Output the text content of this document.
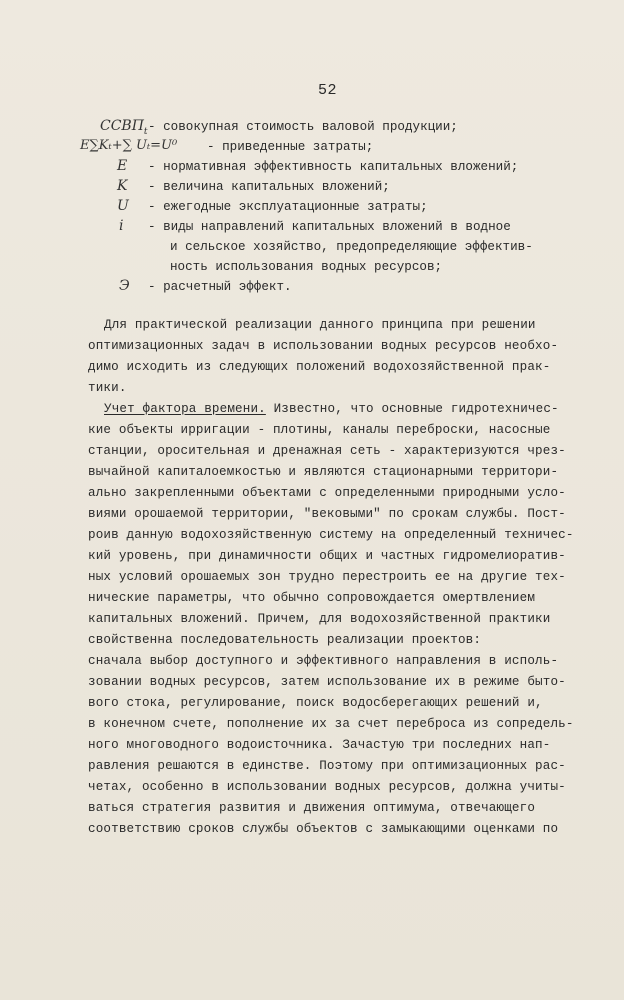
52
$ССВП_t$ - совокупная стоимость валовой продукции;
E∑Kₜ+∑ Uₜ=U⁰ - приведенные затраты;
E - нормативная эффективность капитальных вложений;
K - величина капитальных вложений;
U - ежегодные эксплуатационные затраты;
i - виды направлений капитальных вложений в водное
и сельское хозяйство, предопределяющие эффектив-
ность использования водных ресурсов;
Э - расчетный эффект.
Для практической реализации данного принципа при решении
оптимизационных задач в использовании водных ресурсов необхо-
димо исходить из следующих положений водохозяйственной прак-
тики.
Учет фактора времени. Известно, что основные гидротехничес-
кие объекты ирригации - плотины, каналы переброски, насосные
станции, оросительная и дренажная сеть - характеризуются чрез-
вычайной капиталоемкостью и являются стационарными территори-
ально закрепленными объектами с определенными природными усло-
виями орошаемой территории, "вековыми" по срокам службы. Пост-
роив данную водохозяйственную систему на определенный техничес-
кий уровень, при динамичности общих и частных гидромелиоратив-
ных условий орошаемых зон трудно перестроить ее на другие тех-
нические параметры, что обычно сопровождается омертвлением
капитальных вложений. Причем, для водохозяйственной практики
свойственна последовательность реализации проектов:
сначала выбор доступного и эффективного направления в исполь-
зовании водных ресурсов, затем использование их в режиме быто-
вого стока, регулирование, поиск водосберегающих решений и,
в конечном счете, пополнение их за счет переброса из сопредель-
ного многоводного водоисточника. Зачастую три последних нап-
равления решаются в единстве. Поэтому при оптимизационных рас-
четах, особенно в использовании водных ресурсов, должна учиты-
ваться стратегия развития и движения оптимума, отвечающего
соответствию сроков службы объектов с замыкающими оценками по
